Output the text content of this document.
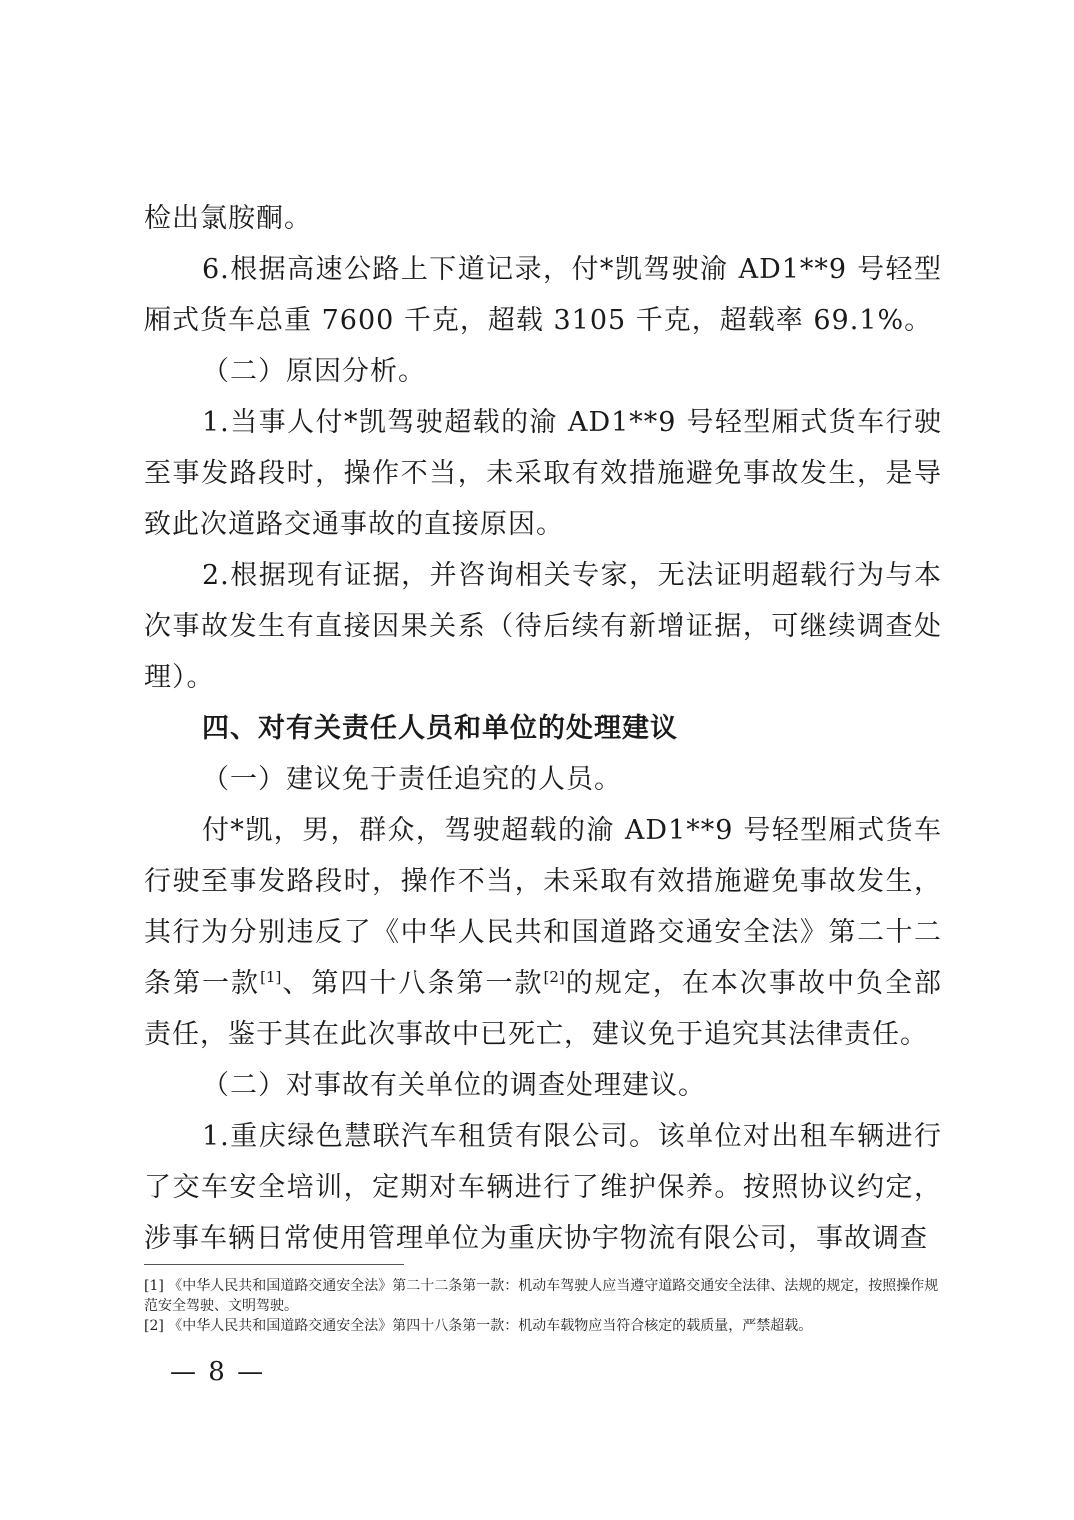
检出氯胺酮。

6.根据高速公路上下道记录，付*凯驾驶渝 AD1**9 号轻型厢式货车总重 7600 千克，超载 3105 千克，超载率 69.1%。

（二）原因分析。

1.当事人付*凯驾驶超载的渝 AD1**9 号轻型厢式货车行驶至事发路段时，操作不当，未采取有效措施避免事故发生，是导致此次道路交通事故的直接原因。

2.根据现有证据，并咨询相关专家，无法证明超载行为与本次事故发生有直接因果关系（待后续有新增证据，可继续调查处理）。

四、对有关责任人员和单位的处理建议

（一）建议免于责任追究的人员。

付*凯，男，群众，驾驶超载的渝 AD1**9 号轻型厢式货车行驶至事发路段时，操作不当，未采取有效措施避免事故发生，其行为分别违反了《中华人民共和国道路交通安全法》第二十二条第一款[1]、第四十八条第一款[2]的规定，在本次事故中负全部责任，鉴于其在此次事故中已死亡，建议免于追究其法律责任。

（二）对事故有关单位的调查处理建议。

1.重庆绿色慧联汽车租赁有限公司。该单位对出租车辆进行了交车安全培训，定期对车辆进行了维护保养。按照协议约定，涉事车辆日常使用管理单位为重庆协宇物流有限公司，事故调查

[1] 《中华人民共和国道路交通安全法》第二十二条第一款：机动车驾驶人应当遵守道路交通安全法律、法规的规定，按照操作规范安全驾驶、文明驾驶。

[2] 《中华人民共和国道路交通安全法》第四十八条第一款：机动车载物应当符合核定的载质量，严禁超载。

— 8 —
